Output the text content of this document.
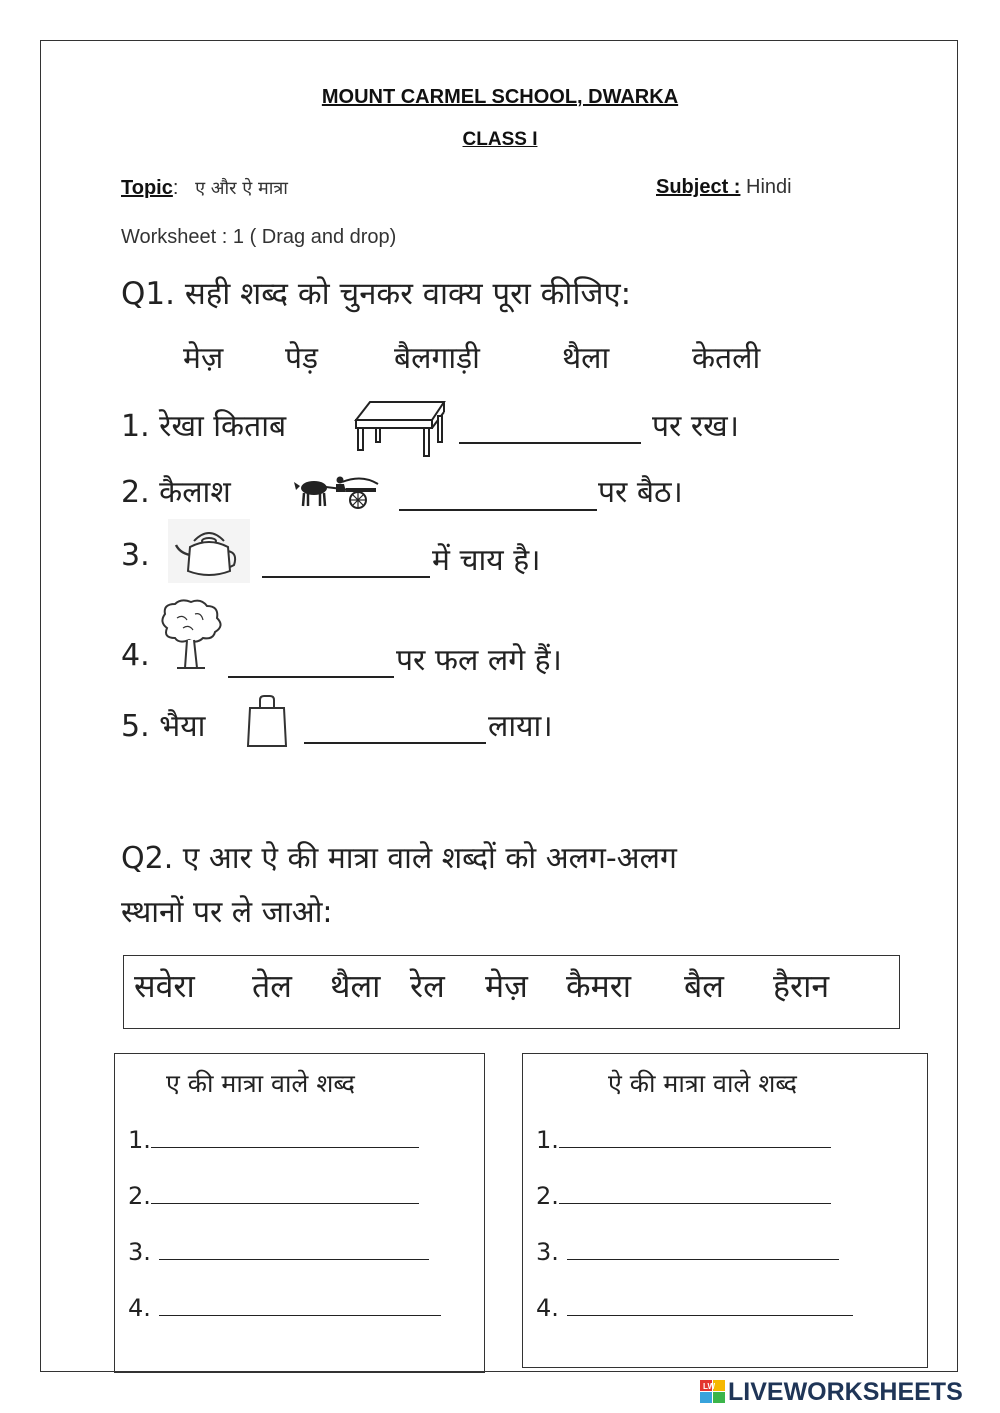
MOUNT CARMEL SCHOOL, DWARKA
CLASS I
Topic:   ए और ऐ मात्रा	Subject : Hindi
Worksheet : 1 ( Drag and drop)
Q1. सही शब्द को चुनकर वाक्य पूरा कीजिए:
मेज़ पेड़	बैलगाड़ी	थैला	केतली
1. रेखा किताब	पर रख।
2. कैलाश	पर बैठ।
3.	में चाय है।
4.	पर फल लगे हैं।
5. भैया	लाया।
Q2. ए आर ऐ की मात्रा वाले शब्दों को अलग-अलग
स्थानों पर ले जाओ:
सवेरा तेल थैला रेल मेज़ कैमरा बैल हैरान
ए की मात्रा वाले शब्द
1.
2.
3.
4.
ऐ की मात्रा वाले शब्द
1.
2.
3.
4.
LW LIVEWORKSHEETS
